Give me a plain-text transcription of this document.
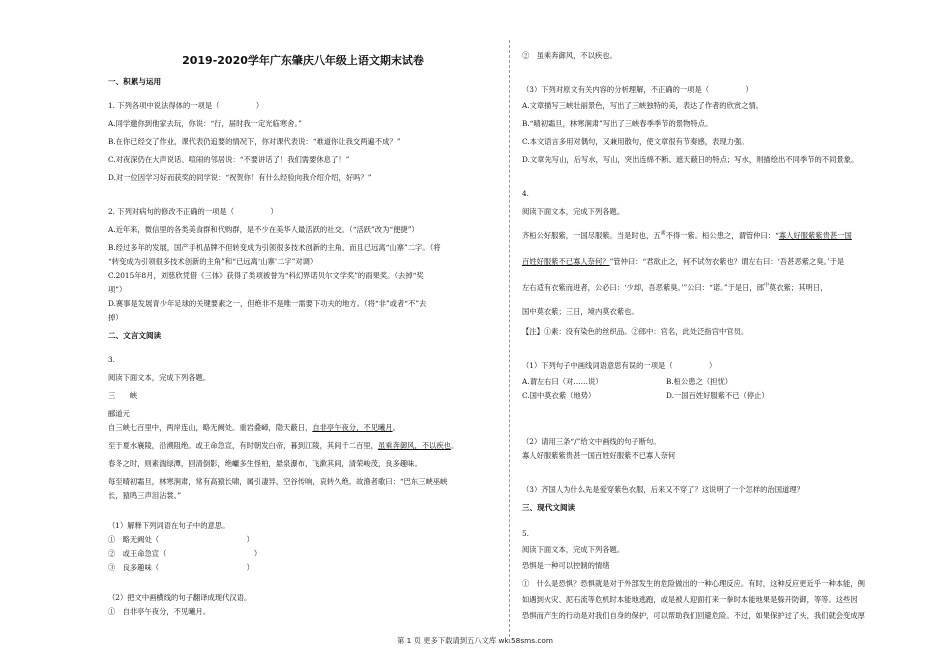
2019-2020学年广东肇庆八年级上语文期末试卷
一、积累与运用
1. 下列各项中说法得体的一项是（　　　　　）
A.同学邀你到他家去玩，你说：“行，届时我一定光临寒舍。”
B.在你已经交了作业，课代表仍追要的情况下，你对课代表说：“难道你让我交两遍不成？”
C.对夜深仍在大声说话、喧闹的邻居说：“不要讲话了！我们需要休息了！”
D.对一位因学习好而获奖的同学说：“祝贺你！有什么经验向我介绍介绍，好吗？”
2. 下列对病句的修改不正确的一项是（　　　　　）
A.近年来，微信里的各类美食群和代购群，是不少在美华人最活跃的社交。（“活跃”改为“便捷”）
B.经过多年的发展，国产手机品牌不但转变成为引领很多技术创新的主角，而且已远离“山寨”二字。（将
“转变成为引领很多技术创新的主角”和“已远离‘山寨’二字”对调）
C.2015年8月，刘慈欣凭借《三体》获得了类项被誉为“科幻界诺贝尔文学奖”的雨果奖。（去掉“奖
项”）
D.赛事是发展青少年足球的关键要素之一，但绝非不是唯一需要下功夫的地方。（将“非”或者“不”去
掉）
二、文言文阅读
3.
阅读下面文本，完成下列各题。
三　　峡
郦道元
自三峡七百里中，两岸连山，略无阙处。重岩叠嶂，隐天蔽日，自非亭午夜分，不见曦月。
至于夏水襄陵，沿溯阻绝。或王命急宣，有时朝发白帝，暮到江陵，其间千二百里，虽乘奔御风，不以疾也。
春冬之时，则素湍绿潭，回清倒影，绝巘多生怪柏，悬泉瀑布，飞漱其间，清荣峻茂，良多趣味。
每至晴初霜旦，林寒涧肃，常有高猿长啸，属引凄异，空谷传响，哀转久绝。故渔者歌曰：“巴东三峡巫峡
长，猿鸣三声泪沾裳。”
（1）解释下列词语在句子中的意思。
①　略无阙处（　　　　　　　　　　　　）
②　或王命急宣（　　　　　　　　　　　　）
③　良多趣味（　　　　　　　　　　　　）
（2）把文中画横线的句子翻译成现代汉语。
①　自非亭午夜分，不见曦月。
②　虽乘奔御风，不以疾也。
（3）下列对原文有关内容的分析理解，不正确的一项是（　　　　　）
A.文章描写三峡壮丽景色，写出了三峡独特的美，表达了作者的欣赏之情。
B.“晴初霜旦，林寒涧肃”写出了三峡春季季节的景物特点。
C.本文语言多用对偶句，又兼用散句，使文章很有节奏感，表现力强。
D.文章先写山，后写水，写山，突出连绵不断、遮天蔽日的特点；写水，则描绘出不同季节的不同景象。
4.
阅读下面文本，完成下列各题。
齐桓公好服紫，一国尽服紫。当是时也，五$^素$不得一紫。桓公患之，谓管仲曰：“寡人好服紫紫贵甚一国
百姓好服紫不已寡人奈何？”管仲曰：“君欲止之，何不试勿衣紫也？谓左右曰：‘吾甚恶紫之臭。’于是
左右适有衣紫而进者，公必曰：‘少却，吾恶紫臭。’”公曰：“诺。”于是日，郎$^中$莫衣紫；其明日，
国中莫衣紫；三日，境内莫衣紫也。
【注】①素：没有染色的丝织品。②郎中：官名，此处泛指宫中官员。
（1）下列句子中画线词语意思有误的一项是（　　　　　）
A.谓左右曰（对……说）	B.桓公患之（担忧）
C.国中莫衣紫（地势）	D.一国百姓好服紫不已（停止）
（2）请用三条“/”给文中画线的句子断句。
寡人好服紫紫贵甚一国百姓好服紫不已寡人奈何
（3）齐国人为什么先是爱穿紫色衣服，后来又不穿了？这说明了一个怎样的治国道理？
三、现代文阅读
5.
阅读下面文本，完成下列各题。
恐惧是一种可以控制的情绪
①　什么是恐惧？恐惧就是对于外部发生的危险做出的一种心理反应。有时，这种反应更近乎一种本能，例
如遇到火灾、泥石流等危机时本能地逃跑，或是被人迎面打来一拳时本能地果是躲开防御，等等。这些因
恐惧而产生的行动是对我们自身的保护，可以帮助我们回避危险。不过，如果保护过了头，我们就会变成厚
第 1 页 更多下载请到五八文库 wk.58sms.com
